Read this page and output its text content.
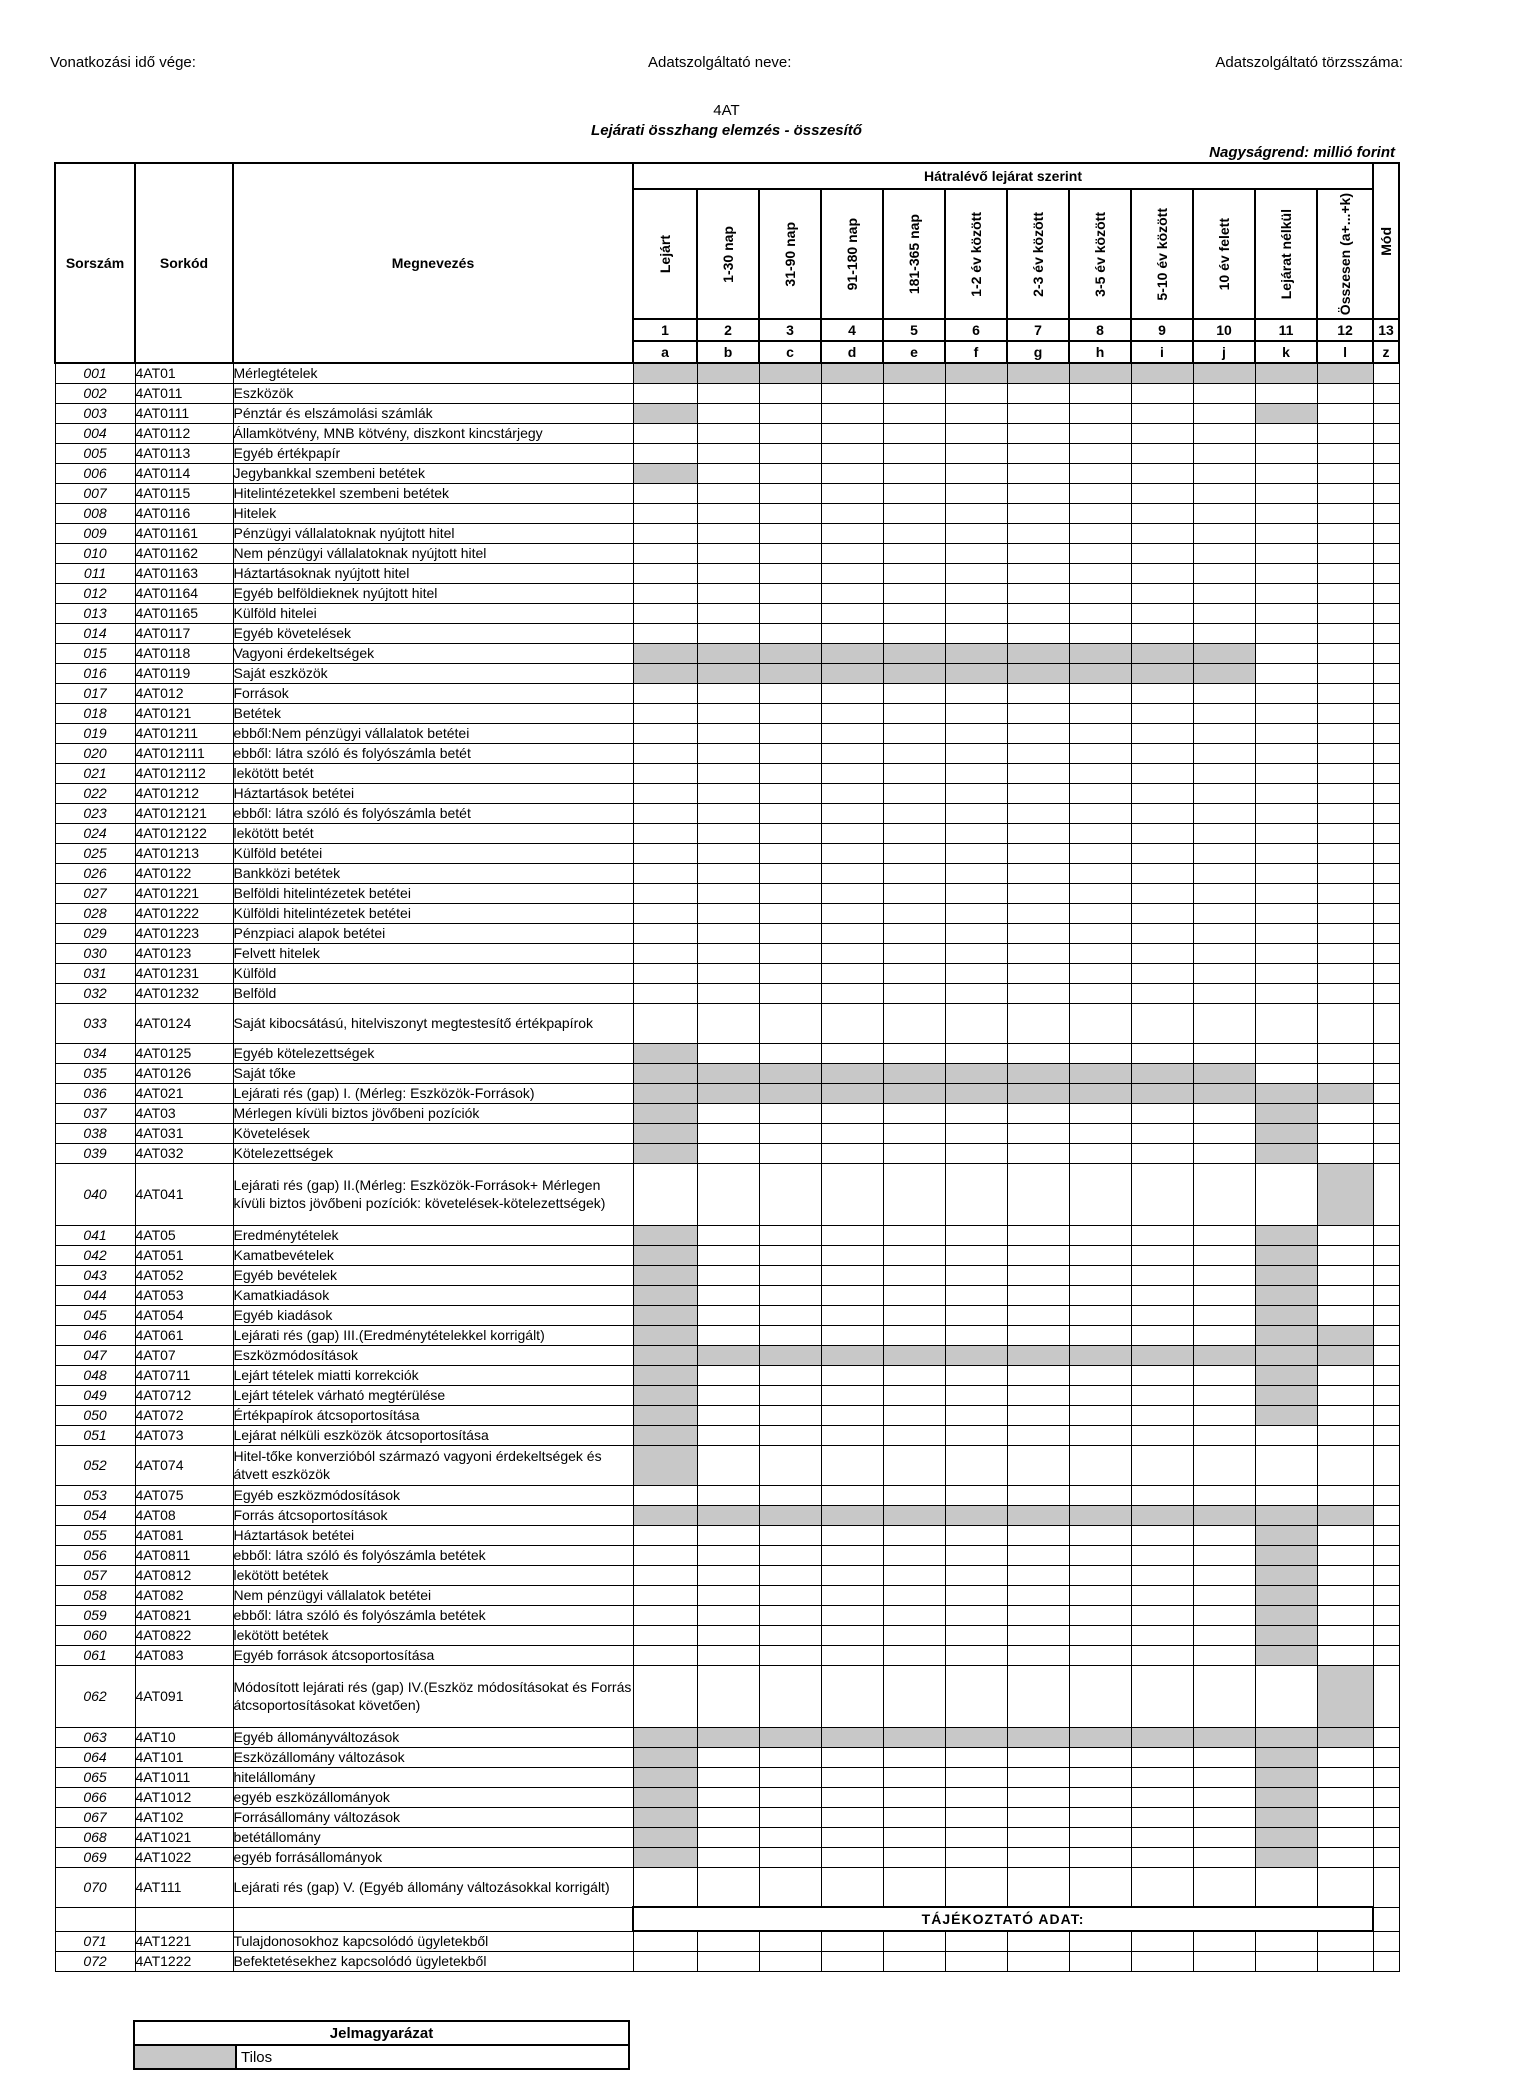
Vonatkozási idő vége:	Adatszolgáltató neve:	Adatszolgáltató törzsszáma:
4AT
Lejárati összhang elemzés - összesítő
Nagyságrend: millió forint
Sorszám	Sorkód	Megnevezés	Hátralévő lejárat szerint												Mód

			Lejárt	1-30 nap	31-90 nap	91-180 nap	181-365 nap	1-2 év között	2-3 év között	3-5 év között	5-10 év között	10 év felett	Lejárat nélkül	Összesen (a+...+k)	

			1	2	3	4	5	6	7	8	9	10	11	12	13
			a	b	c	d	e	f	g	h	i	j	k	l	z
001	4AT01	Mérlegtételek													
002	4AT011	Eszközök													
003	4AT0111	Pénztár és elszámolási számlák													
004	4AT0112	Államkötvény, MNB kötvény, diszkont kincstárjegy													
005	4AT0113	Egyéb értékpapír													
006	4AT0114	Jegybankkal szembeni betétek													
007	4AT0115	Hitelintézetekkel szembeni betétek													
008	4AT0116	Hitelek													
009	4AT01161	Pénzügyi vállalatoknak nyújtott hitel													
010	4AT01162	Nem pénzügyi vállalatoknak nyújtott hitel													
011	4AT01163	Háztartásoknak nyújtott hitel													
012	4AT01164	Egyéb belföldieknek nyújtott hitel													
013	4AT01165	Külföld hitelei													
014	4AT0117	Egyéb követelések													
015	4AT0118	Vagyoni érdekeltségek													
016	4AT0119	Saját eszközök													
017	4AT012	Források													
018	4AT0121	Betétek													
019	4AT01211	ebből:Nem pénzügyi vállalatok betétei													
020	4AT012111	ebből: látra szóló és folyószámla betét													
021	4AT012112	lekötött betét													
022	4AT01212	Háztartások betétei													
023	4AT012121	ebből: látra szóló és folyószámla betét													
024	4AT012122	lekötött betét													
025	4AT01213	Külföld betétei													
026	4AT0122	Bankközi betétek													
027	4AT01221	Belföldi hitelintézetek betétei													
028	4AT01222	Külföldi hitelintézetek betétei													
029	4AT01223	Pénzpiaci alapok betétei													
030	4AT0123	Felvett hitelek													
031	4AT01231	Külföld													
032	4AT01232	Belföld													
033	4AT0124	Saját kibocsátású, hitelviszonyt megtestesítő értékpapírok													
034	4AT0125	Egyéb kötelezettségek													
035	4AT0126	Saját tőke													
036	4AT021	Lejárati rés (gap) I. (Mérleg: Eszközök-Források)													
037	4AT03	Mérlegen kívüli biztos jövőbeni pozíciók													
038	4AT031	Követelések													
039	4AT032	Kötelezettségek													
040	4AT041	Lejárati rés (gap) II.(Mérleg: Eszközök-Források+ Mérlegen kívüli biztos jövőbeni pozíciók: követelések-kötelezettségek)													
041	4AT05	Eredménytételek													
042	4AT051	Kamatbevételek													
043	4AT052	Egyéb bevételek													
044	4AT053	Kamatkiadások													
045	4AT054	Egyéb kiadások													
046	4AT061	Lejárati rés (gap) III.(Eredménytételekkel korrigált)													
047	4AT07	Eszközmódosítások													
048	4AT0711	Lejárt tételek miatti korrekciók													
049	4AT0712	Lejárt tételek várható megtérülése													
050	4AT072	Értékpapírok átcsoportosítása													
051	4AT073	Lejárat nélküli eszközök átcsoportosítása													
052	4AT074	Hitel-tőke konverzióból származó vagyoni érdekeltségek és átvett eszközök													
053	4AT075	Egyéb eszközmódosítások													
054	4AT08	Forrás átcsoportosítások													
055	4AT081	Háztartások betétei													
056	4AT0811	ebből: látra szóló és folyószámla betétek													
057	4AT0812	lekötött betétek													
058	4AT082	Nem pénzügyi vállalatok betétei													
059	4AT0821	ebből: látra szóló és folyószámla betétek													
060	4AT0822	lekötött betétek													
061	4AT083	Egyéb források átcsoportosítása													
062	4AT091	Módosított lejárati rés (gap) IV.(Eszköz módosításokat és Forrás átcsoportosításokat követően)													
063	4AT10	Egyéb állományváltozások													
064	4AT101	Eszközállomány változások													
065	4AT1011	hitelállomány													
066	4AT1012	egyéb eszközállományok													
067	4AT102	Forrásállomány változások													
068	4AT1021	betétállomány													
069	4AT1022	egyéb forrásállományok													
070	4AT111	Lejárati rés (gap) V. (Egyéb állomány változásokkal korrigált)													
			TÁJÉKOZTATÓ ADAT:												
071	4AT1221	Tulajdonosokhoz kapcsolódó ügyletekből													
072	4AT1222	Befektetésekhez kapcsolódó ügyletekből													
Jelmagyarázat
	Tilos
